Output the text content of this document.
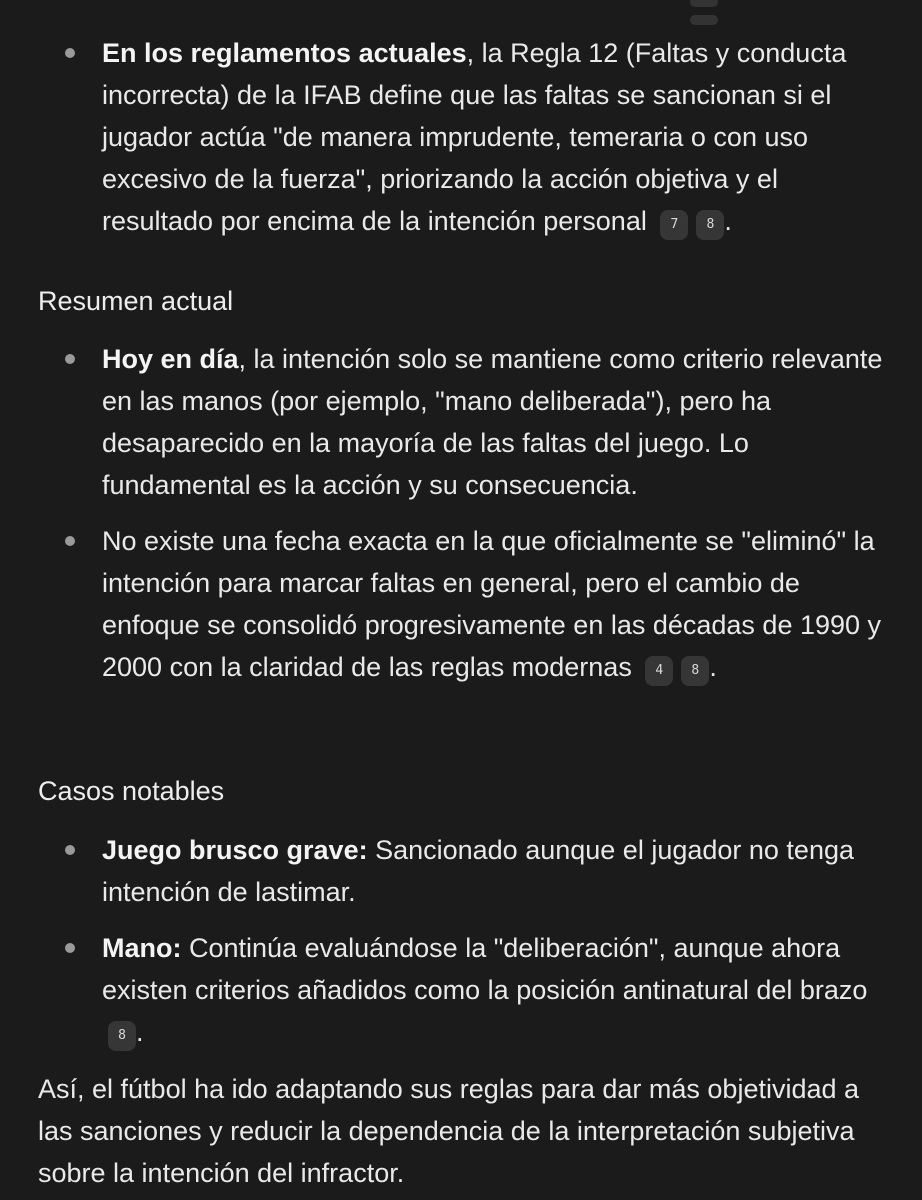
En los reglamentos actuales, la Regla 12 (Faltas y conducta incorrecta) de la IFAB define que las faltas se sancionan si el jugador actúa "de manera imprudente, temeraria o con uso excesivo de la fuerza", priorizando la acción objetiva y el resultado por encima de la intención personal 7 8 .
Resumen actual
Hoy en día, la intención solo se mantiene como criterio relevante en las manos (por ejemplo, "mano deliberada"), pero ha desaparecido en la mayoría de las faltas del juego. Lo fundamental es la acción y su consecuencia.
No existe una fecha exacta en la que oficialmente se "eliminó" la intención para marcar faltas en general, pero el cambio de enfoque se consolidó progresivamente en las décadas de 1990 y 2000 con la claridad de las reglas modernas 4 8 .
Casos notables
Juego brusco grave: Sancionado aunque el jugador no tenga intención de lastimar.
Mano: Continúa evaluándose la "deliberación", aunque ahora existen criterios añadidos como la posición antinatural del brazo 8 .

Así, el fútbol ha ido adaptando sus reglas para dar más objetividad a las sanciones y reducir la dependencia de la interpretación subjetiva sobre la intención del infractor.
